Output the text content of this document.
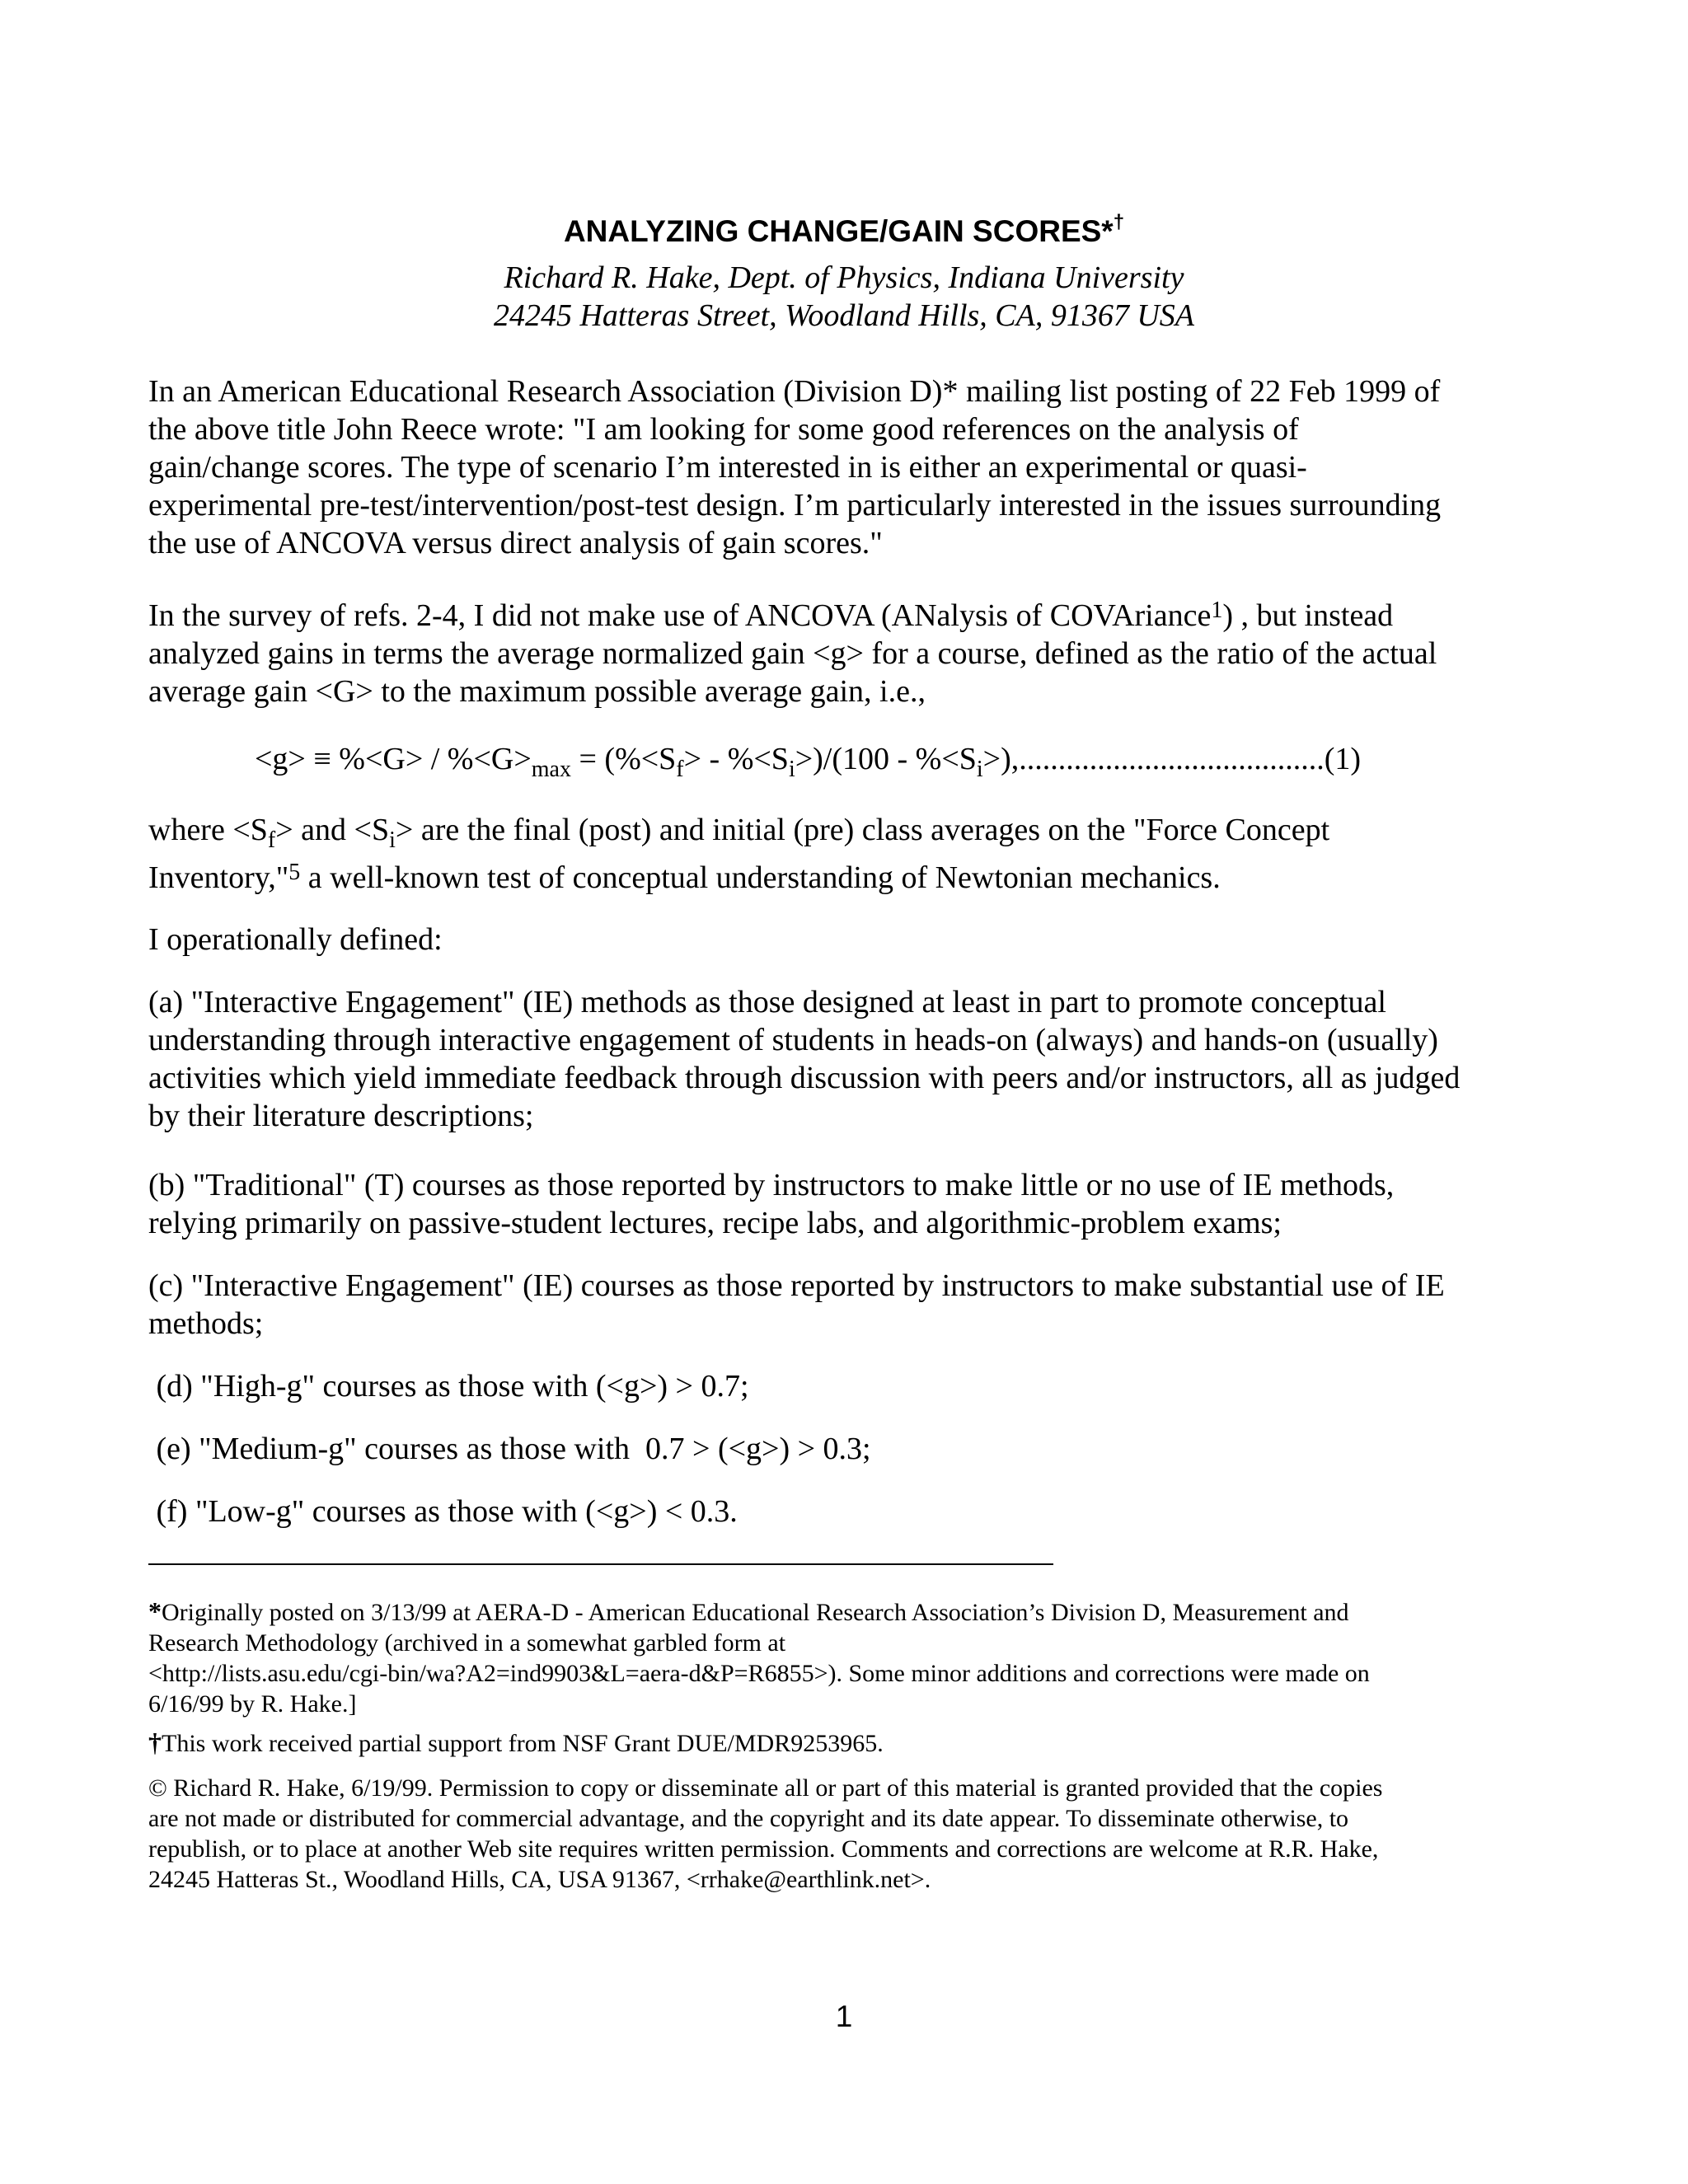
ANALYZING CHANGE/GAIN SCORES*†
Richard R. Hake, Dept. of Physics, Indiana University
24245 Hatteras Street, Woodland Hills, CA, 91367 USA

In an American Educational Research Association (Division D)* mailing list posting of 22 Feb 1999 of

the above title John Reece wrote: "I am looking for some good references on the analysis of

gain/change scores. The type of scenario I’m interested in is either an experimental or quasi-

experimental pre-test/intervention/post-test design. I’m particularly interested in the issues surrounding

the use of ANCOVA versus direct analysis of gain scores."

In the survey of refs. 2-4, I did not make use of ANCOVA (ANalysis of COVAriance$^1$) , but instead

analyzed gains in terms the average normalized gain <g> for a course, defined as the ratio of the actual

average gain <G> to the maximum possible average gain, i.e.,

$<g> \equiv \%<G> / \%<G>_{max} = (\%<S_f> - \%<S_i>)/(100 - \%<S_i>),.......................................(1)$

where $<S_f>$ and $<S_i>$ are the final (post) and initial (pre) class averages on the "Force Concept

Inventory,"$^5$ a well-known test of conceptual understanding of Newtonian mechanics.

I operationally defined:

(a) "Interactive Engagement" (IE) methods as those designed at least in part to promote conceptual

understanding through interactive engagement of students in heads-on (always) and hands-on (usually)

activities which yield immediate feedback through discussion with peers and/or instructors, all as judged

by their literature descriptions;

(b) "Traditional" (T) courses as those reported by instructors to make little or no use of IE methods,

relying primarily on passive-student lectures, recipe labs, and algorithmic-problem exams;

(c) "Interactive Engagement" (IE) courses as those reported by instructors to make substantial use of IE

methods;

(d) "High-g" courses as those with (<g>) > 0.7;

(e) "Medium-g" courses as those with  0.7 > (<g>) > 0.3;

(f) "Low-g" courses as those with (<g>) < 0.3.

*Originally posted on 3/13/99 at AERA-D - American Educational Research Association’s Division D, Measurement and

Research Methodology (archived in a somewhat garbled form at

<http://lists.asu.edu/cgi-bin/wa?A2=ind9903&L=aera-d&P=R6855>). Some minor additions and corrections were made on

6/16/99 by R. Hake.]

†This work received partial support from NSF Grant DUE/MDR9253965.

© Richard R. Hake, 6/19/99. Permission to copy or disseminate all or part of this material is granted provided that the copies

are not made or distributed for commercial advantage, and the copyright and its date appear. To disseminate otherwise, to

republish, or to place at another Web site requires written permission. Comments and corrections are welcome at R.R. Hake,

24245 Hatteras St., Woodland Hills, CA, USA 91367, <rrhake@earthlink.net>.

1
